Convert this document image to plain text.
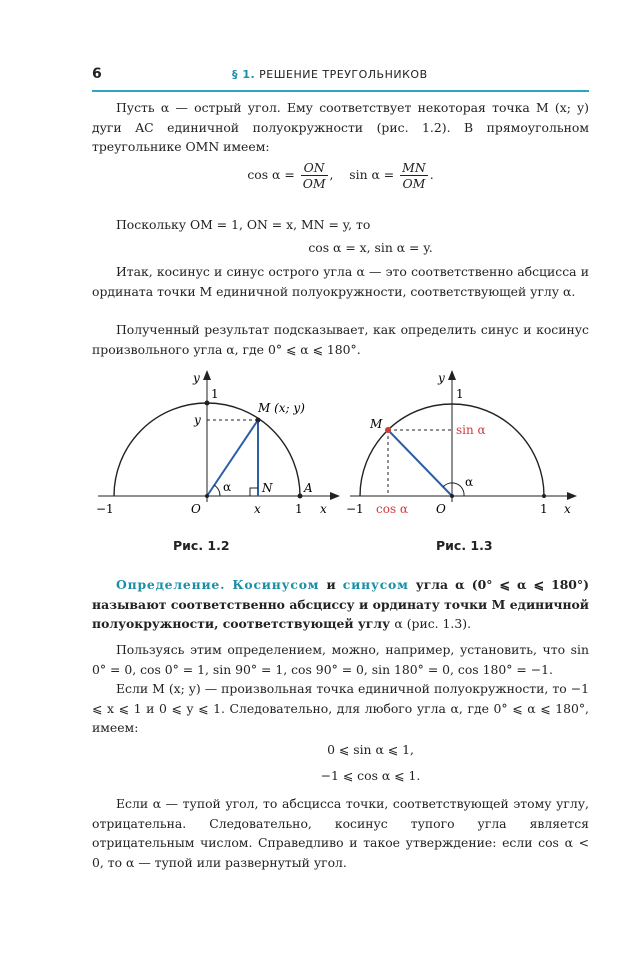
6	§ 1. РЕШЕНИЕ ТРЕУГОЛЬНИКОВ

Пусть α — острый угол. Ему соответствует некоторая точка M (x; y) дуги AC единичной полуокружности (рис. 1.2). В прямоугольном треугольнике OMN имеем:

$\cos \alpha = \frac{ON}{OM}$ , $\sin \alpha = \frac{MN}{OM}$ .

Поскольку OM = 1, ON = x, MN = y, то

cos α = x, sin α = y.

Итак, косинус и синус острого угла α — это соответственно абсцисса и ордината точки M единичной полуокружности, соответствующей углу α.

Полученный результат подсказывает, как определить синус и косинус произвольного угла α, где 0° ⩽ α ⩽ 180°.

y
1
y
M (x; y)
α	N	A
−1	O	x	1 x
Рис. 1.2
y
1
M	sin α
α
−1 cos α O	1 x
Рис. 1.3

Определение. Косинусом и синусом угла α (0° ⩽ α ⩽ 180°) называют соответственно абсциссу и ординату точки M единичной полуокружности, соответствующей углу α (рис. 1.3).

Пользуясь этим определением, можно, например, установить, что sin 0° = 0, cos 0° = 1, sin 90° = 1, cos 90° = 0, sin 180° = 0, cos 180° = −1.

Если M (x; y) — произвольная точка единичной полуокружности, то −1 ⩽ x ⩽ 1 и 0 ⩽ y ⩽ 1. Следовательно, для любого угла α, где 0° ⩽ α ⩽ 180°, имеем:

0 ⩽ sin α ⩽ 1,
−1 ⩽ cos α ⩽ 1.

Если α — тупой угол, то абсцисса точки, соответствующей этому углу, отрицательна. Следовательно, косинус тупого угла является отрицательным числом. Справедливо и такое утверждение: если cos α < 0, то α — тупой или развернутый угол.
